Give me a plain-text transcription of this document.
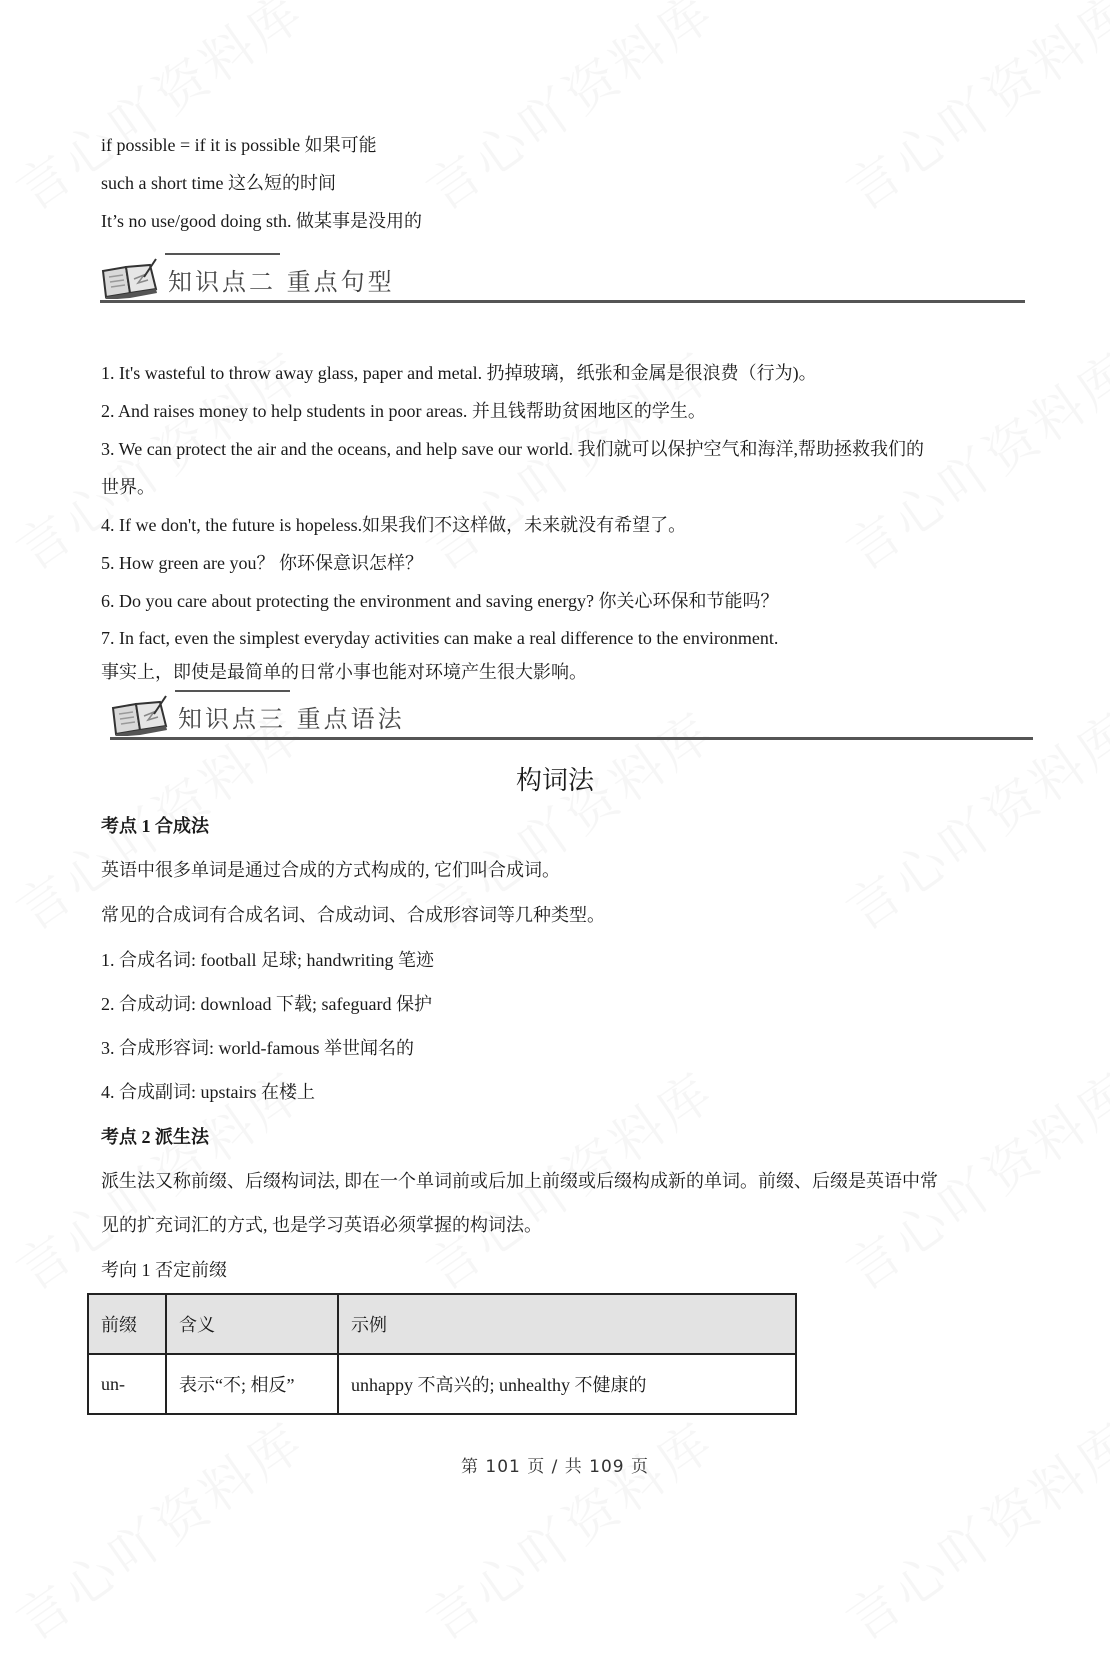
if possible = if it is possible 如果可能
such a short time 这么短的时间
It’s no use/good doing sth. 做某事是没用的
知识点二 重点句型
1. It's wasteful to throw away glass, paper and metal. 扔掉玻璃，纸张和金属是很浪费（行为)。
2. And raises money to help students in poor areas. 并且钱帮助贫困地区的学生。
3. We can protect the air and the oceans, and help save our world. 我们就可以保护空气和海洋,帮助拯救我们的
世界。
4. If we don't, the future is hopeless.如果我们不这样做，未来就没有希望了。
5. How green are you？ 你环保意识怎样？
6. Do you care about protecting the environment and saving energy? 你关心环保和节能吗？
7. In fact, even the simplest everyday activities can make a real difference to the environment.
事实上，即使是最简单的日常小事也能对环境产生很大影响。
知识点三 重点语法
构词法
考点 1 合成法
英语中很多单词是通过合成的方式构成的, 它们叫合成词。
常见的合成词有合成名词、合成动词、合成形容词等几种类型。
1. 合成名词: football 足球; handwriting 笔迹
2. 合成动词: download 下载; safeguard 保护
3. 合成形容词: world-famous 举世闻名的
4. 合成副词: upstairs 在楼上
考点 2 派生法
派生法又称前缀、后缀构词法, 即在一个单词前或后加上前缀或后缀构成新的单词。前缀、后缀是英语中常
见的扩充词汇的方式, 也是学习英语必须掌握的构词法。
考向 1 否定前缀
前缀	含义	示例
un-	表示“不; 相反”	unhappy 不高兴的; unhealthy 不健康的
第 101 页 / 共 109 页
